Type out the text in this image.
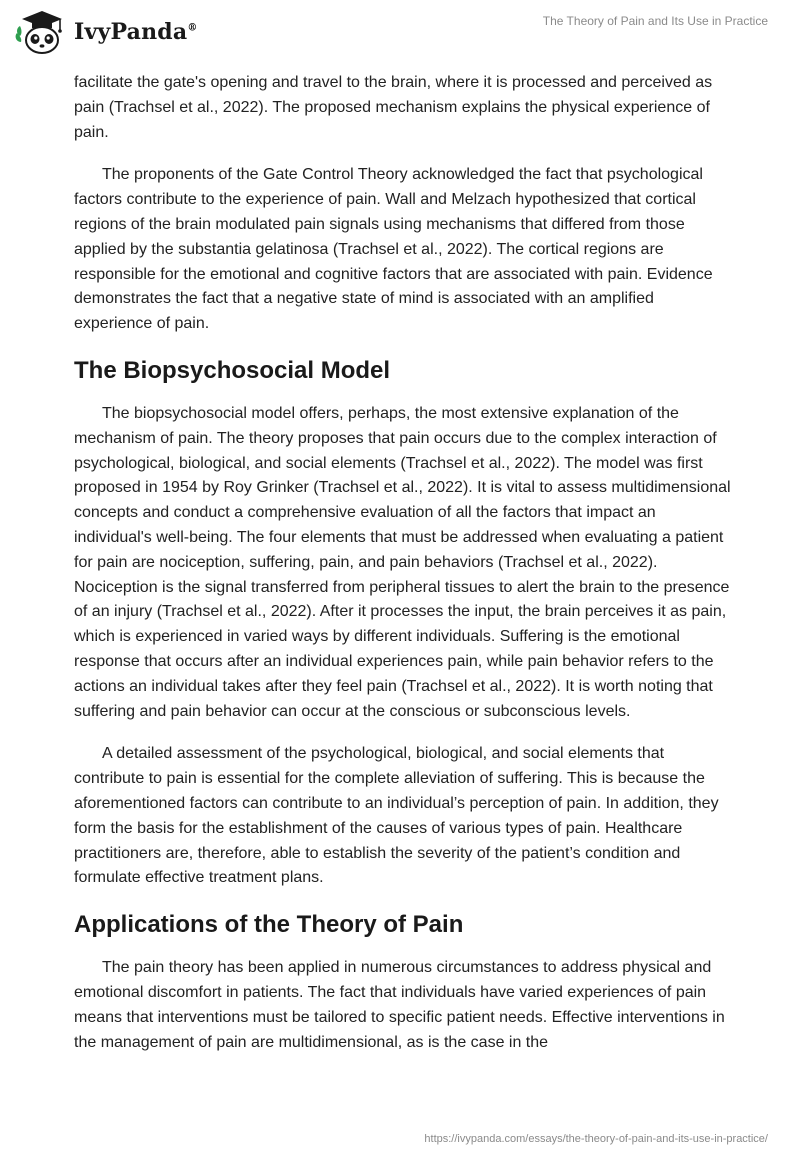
IvyPanda®
The Theory of Pain and Its Use in Practice

facilitate the gate's opening and travel to the brain, where it is processed and perceived as pain (Trachsel et al., 2022). The proposed mechanism explains the physical experience of pain.

The proponents of the Gate Control Theory acknowledged the fact that psychological factors contribute to the experience of pain. Wall and Melzach hypothesized that cortical regions of the brain modulated pain signals using mechanisms that differed from those applied by the substantia gelatinosa (Trachsel et al., 2022). The cortical regions are responsible for the emotional and cognitive factors that are associated with pain. Evidence demonstrates the fact that a negative state of mind is associated with an amplified experience of pain.

The Biopsychosocial Model

The biopsychosocial model offers, perhaps, the most extensive explanation of the mechanism of pain. The theory proposes that pain occurs due to the complex interaction of psychological, biological, and social elements (Trachsel et al., 2022). The model was first proposed in 1954 by Roy Grinker (Trachsel et al., 2022). It is vital to assess multidimensional concepts and conduct a comprehensive evaluation of all the factors that impact an individual's well-being. The four elements that must be addressed when evaluating a patient for pain are nociception, suffering, pain, and pain behaviors (Trachsel et al., 2022). Nociception is the signal transferred from peripheral tissues to alert the brain to the presence of an injury (Trachsel et al., 2022). After it processes the input, the brain perceives it as pain, which is experienced in varied ways by different individuals. Suffering is the emotional response that occurs after an individual experiences pain, while pain behavior refers to the actions an individual takes after they feel pain (Trachsel et al., 2022). It is worth noting that suffering and pain behavior can occur at the conscious or subconscious levels.

A detailed assessment of the psychological, biological, and social elements that contribute to pain is essential for the complete alleviation of suffering. This is because the aforementioned factors can contribute to an individual’s perception of pain. In addition, they form the basis for the establishment of the causes of various types of pain. Healthcare practitioners are, therefore, able to establish the severity of the patient’s condition and formulate effective treatment plans.

Applications of the Theory of Pain

The pain theory has been applied in numerous circumstances to address physical and emotional discomfort in patients. The fact that individuals have varied experiences of pain means that interventions must be tailored to specific patient needs. Effective interventions in the management of pain are multidimensional, as is the case in the

https://ivypanda.com/essays/the-theory-of-pain-and-its-use-in-practice/
